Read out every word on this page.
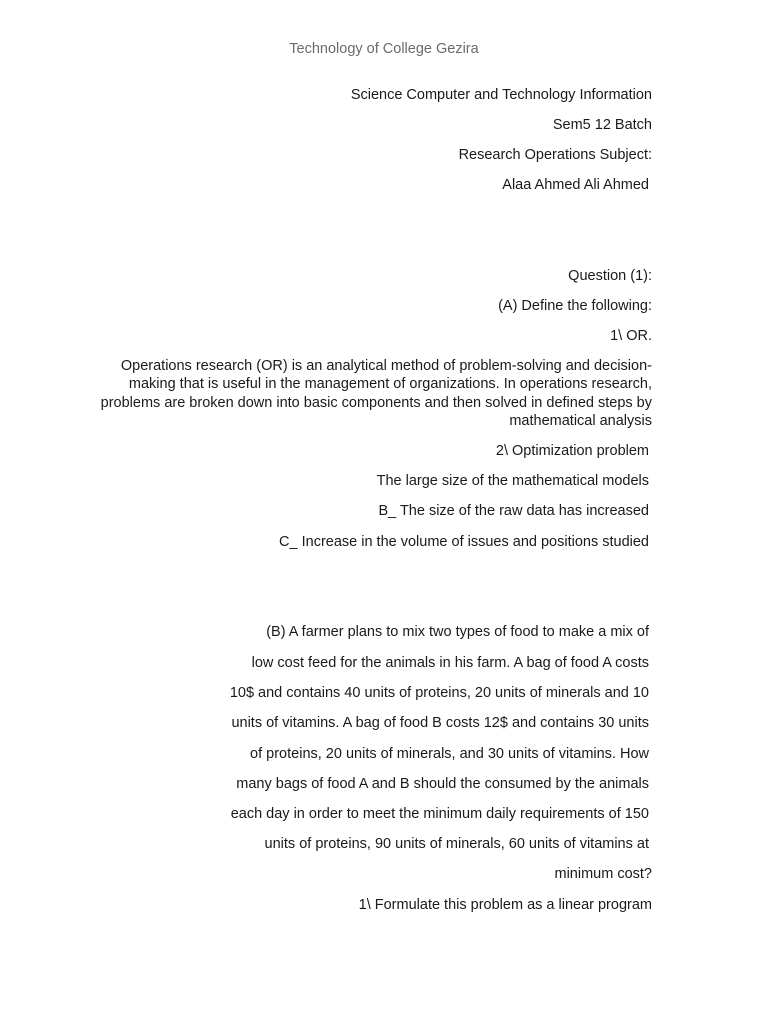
Technology of College Gezira
Science Computer and Technology Information
Sem5 12 Batch
Research Operations Subject:
Alaa Ahmed Ali Ahmed
Question (1):
(A) Define the following:
1\ OR.
Operations research (OR) is an analytical method of problem-solving and decision-making that is useful in the management of organizations. In operations research, problems are broken down into basic components and then solved in defined steps by mathematical analysis
2\ Optimization problem
The large size of the mathematical models
B_ The size of the raw data has increased
C_ Increase in the volume of issues and positions studied
(B) A farmer plans to mix two types of food to make a mix of
low cost feed for the animals in his farm. A bag of food A costs
10$ and contains 40 units of proteins, 20 units of minerals and 10
units of vitamins. A bag of food B costs 12$ and contains 30 units
of proteins, 20 units of minerals, and 30 units of vitamins. How
many bags of food A and B should the consumed by the animals
each day in order to meet the minimum daily requirements of 150
units of proteins, 90 units of minerals, 60 units of vitamins at
minimum cost?
1\ Formulate this problem as a linear program
